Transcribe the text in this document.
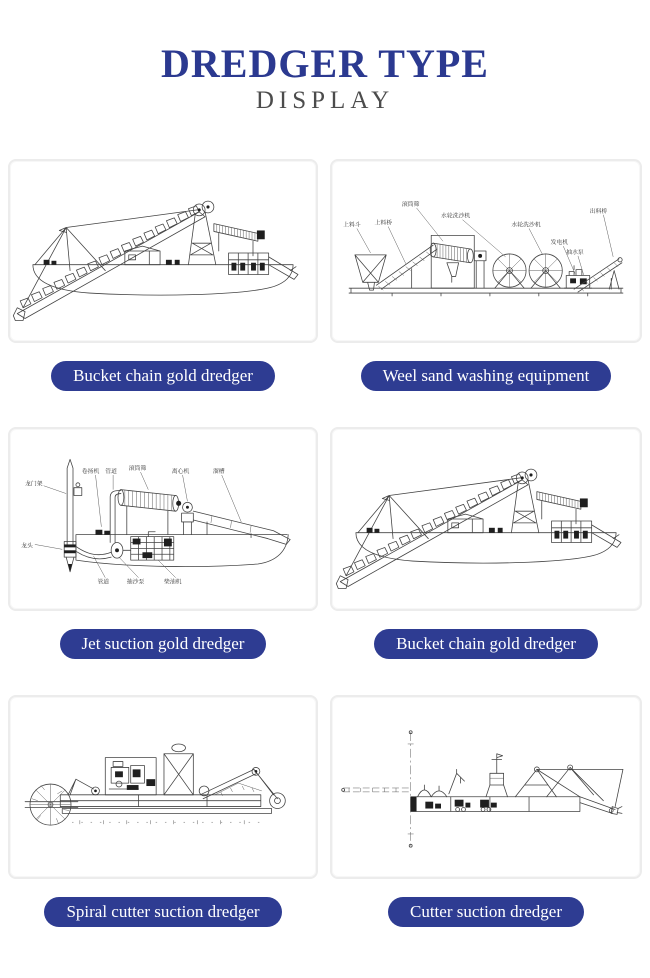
DREDGER TYPE
DISPLAY
Bucket chain gold dredger
上料斗 上料桥
滚筒筛
水轮洗沙机
水轮洗沙机
发电机
抽水泵
出料桥
Weel sand washing equipment
龙门架
卷扬机 管道 滚筒筛	离心机	溜槽
龙头
管道	抽沙泵	柴油机
Jet suction gold dredger	Bucket chain gold dredger
Spiral cutter suction dredger	Cutter suction dredger
